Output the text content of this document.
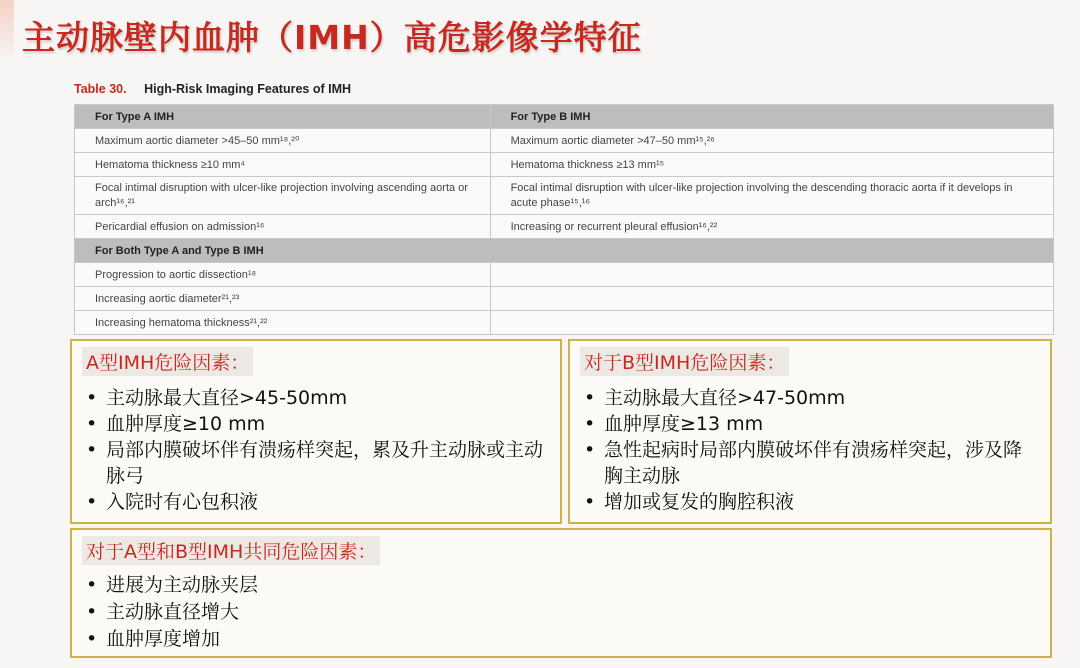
主动脉壁内血肿（IMH）高危影像学特征
Table 30. High-Risk Imaging Features of IMH
For Type A IMH	For Type B IMH
Maximum aortic diameter >45–50 mm¹⁸,²⁰	Maximum aortic diameter >47–50 mm¹⁵,²⁶
Hematoma thickness ≥10 mm⁴	Hematoma thickness ≥13 mm¹⁵
Focal intimal disruption with ulcer-like projection involving ascending aorta or arch¹⁶,²¹	Focal intimal disruption with ulcer-like projection involving the descending thoracic aorta if it develops in acute phase¹⁵,¹⁶
Pericardial effusion on admission¹⁶	Increasing or recurrent pleural effusion¹⁶,²²
For Both Type A and Type B IMH	
Progression to aortic dissection¹⁸	
Increasing aortic diameter²¹,²³	
Increasing hematoma thickness²¹,²²	
A型IMH危险因素：
• 主动脉最大直径>45-50mm
• 血肿厚度≥10 mm
• 局部内膜破坏伴有溃疡样突起，累及升主动脉或主动脉弓
• 入院时有心包积液
对于B型IMH危险因素：
• 主动脉最大直径>47-50mm
• 血肿厚度≥13 mm
• 急性起病时局部内膜破坏伴有溃疡样突起，涉及降胸主动脉
• 增加或复发的胸腔积液
对于A型和B型IMH共同危险因素：
• 进展为主动脉夹层
• 主动脉直径增大
• 血肿厚度增加
